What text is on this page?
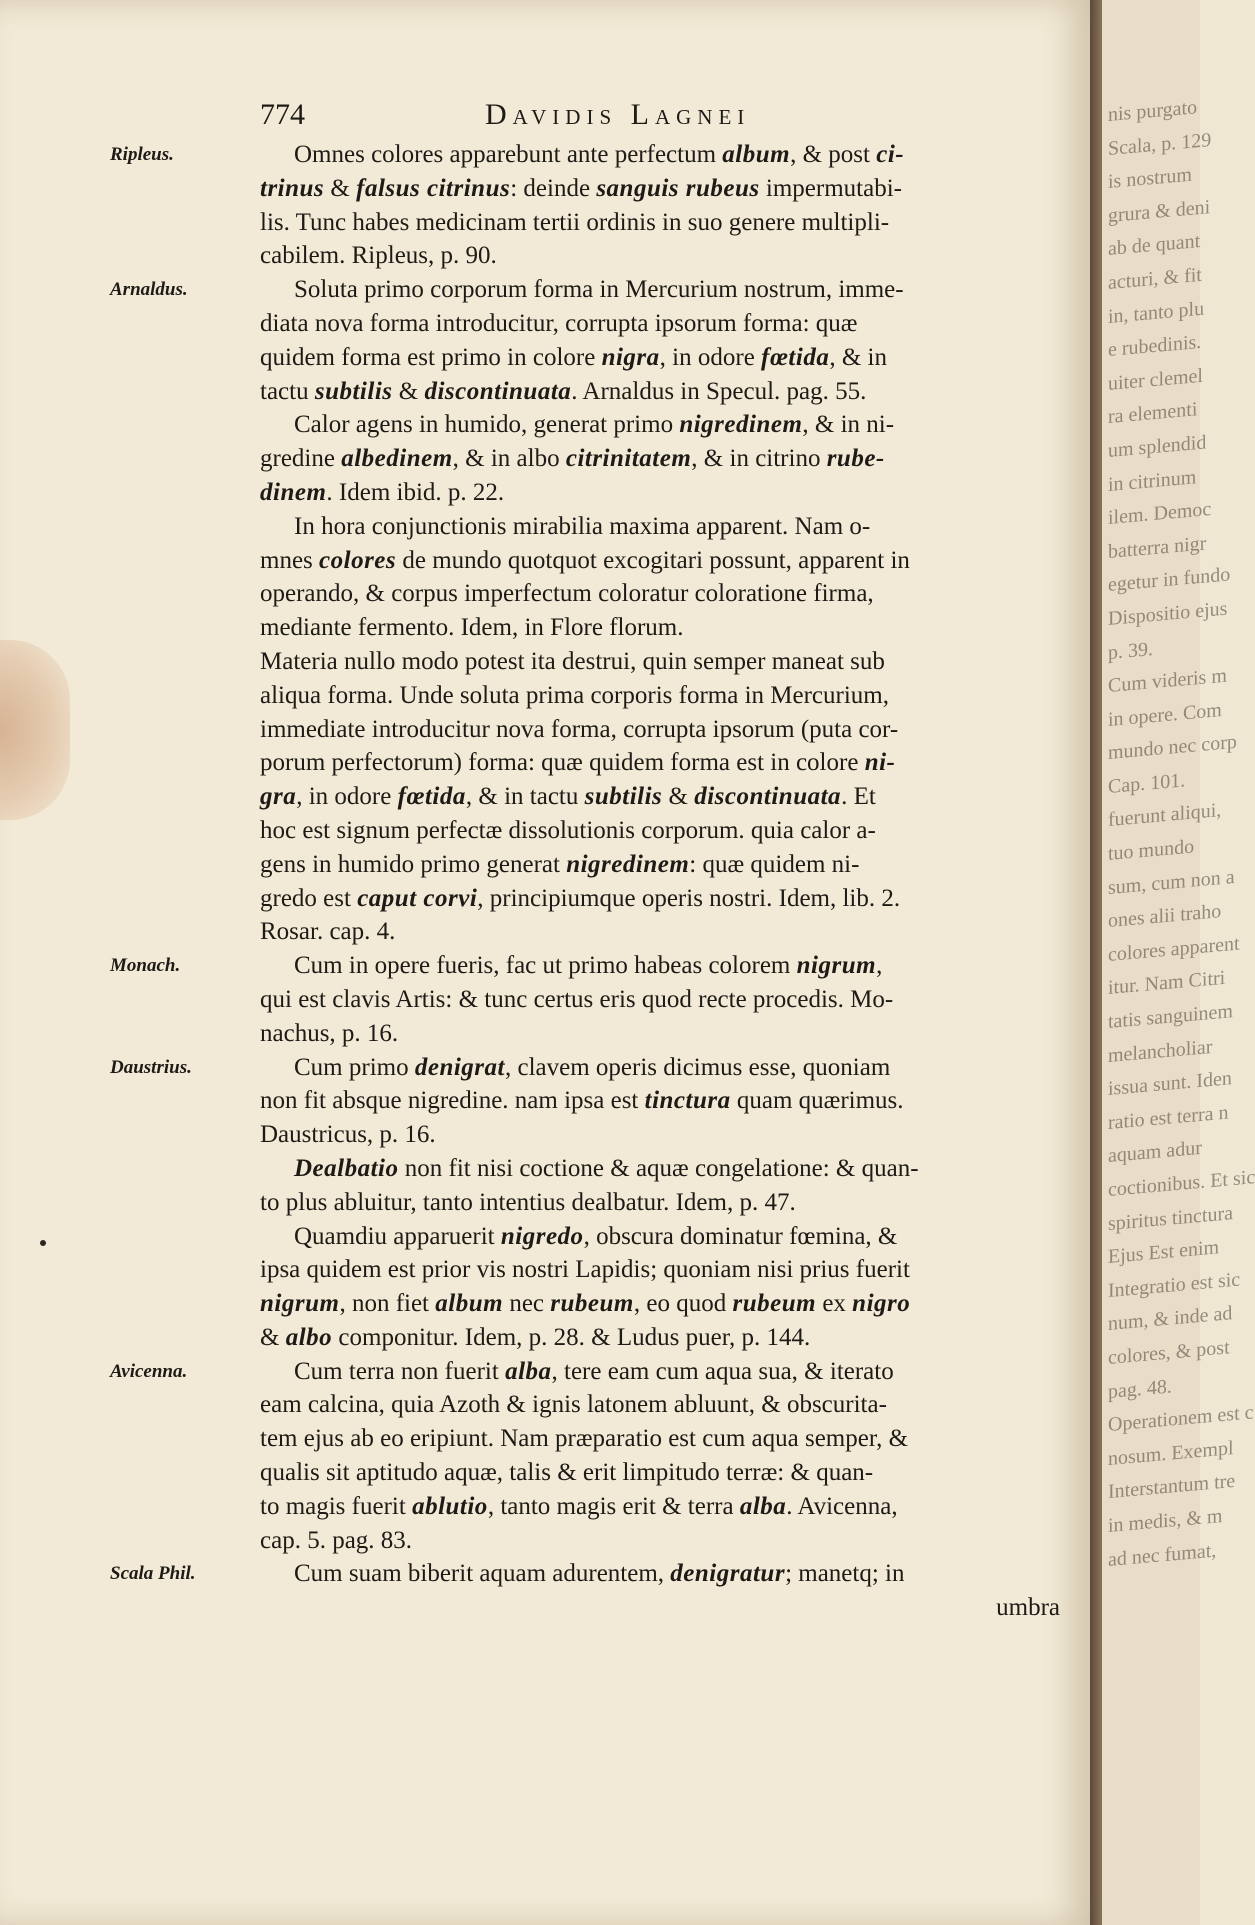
774	Davidis Lagnei
Ripleus.	Omnes colores apparebunt ante perfectum album, & post ci-
trinus & falsus citrinus: deinde sanguis rubeus impermutabi-
lis. Tunc habes medicinam tertii ordinis in suo genere multipli-
cabilem. Ripleus, p. 90.
Arnaldus.	Soluta primo corporum forma in Mercurium nostrum, imme-
diata nova forma introducitur, corrupta ipsorum forma: quæ
quidem forma est primo in colore nigra, in odore fœtida, & in
tactu subtilis & discontinuata. Arnaldus in Specul. pag. 55.
Calor agens in humido, generat primo nigredinem, & in ni-
gredine albedinem, & in albo citrinitatem, & in citrino rube-
dinem. Idem ibid. p. 22.
In hora conjunctionis mirabilia maxima apparent. Nam o-
mnes colores de mundo quotquot excogitari possunt, apparent in
operando, & corpus imperfectum coloratur coloratione firma,
mediante fermento. Idem, in Flore florum.
Materia nullo modo potest ita destrui, quin semper maneat sub
aliqua forma. Unde soluta prima corporis forma in Mercurium,
immediate introducitur nova forma, corrupta ipsorum (puta cor-
porum perfectorum) forma: quæ quidem forma est in colore ni-
gra, in odore fœtida, & in tactu subtilis & discontinuata. Et
hoc est signum perfectæ dissolutionis corporum. quia calor a-
gens in humido primo generat nigredinem: quæ quidem ni-
gredo est caput corvi, principiumque operis nostri. Idem, lib. 2.
Rosar. cap. 4.
Monach.	Cum in opere fueris, fac ut primo habeas colorem nigrum,
qui est clavis Artis: & tunc certus eris quod recte procedis. Mo-
nachus, p. 16.
Daustrius.	Cum primo denigrat, clavem operis dicimus esse, quoniam
non fit absque nigredine. nam ipsa est tinctura quam quærimus.
Daustricus, p. 16.
Dealbatio non fit nisi coctione & aquæ congelatione: & quan-
to plus abluitur, tanto intentius dealbatur. Idem, p. 47.
Quamdiu apparuerit nigredo, obscura dominatur fœmina, &
ipsa quidem est prior vis nostri Lapidis; quoniam nisi prius fuerit
nigrum, non fiet album nec rubeum, eo quod rubeum ex nigro
& albo componitur. Idem, p. 28. & Ludus puer, p. 144.
Avicenna.	Cum terra non fuerit alba, tere eam cum aqua sua, & iterato
eam calcina, quia Azoth & ignis latonem abluunt, & obscurita-
tem ejus ab eo eripiunt. Nam præparatio est cum aqua semper, &
qualis sit aptitudo aquæ, talis & erit limpitudo terræ: & quan-
to magis fuerit ablutio, tanto magis erit & terra alba. Avicenna,
cap. 5. pag. 83.
Scala Phil.	Cum suam biberit aquam adurentem, denigratur; manetq; in
umbra
nis purgato
Scala, p. 129
is nostrum
grura & deni
ab de quant
acturi, & fit
in, tanto plu
e rubedinis.
uiter clemel
ra elementi
um splendid
in citrinum
ilem. Democ
batterra nigr
egetur in fundo
Dispositio ejus
p. 39.
Cum videris m
in opere. Com
mundo nec corp
Cap. 101.
fuerunt aliqui,
tuo mundo
sum, cum non a
ones alii traho
colores apparent
itur. Nam Citri
tatis sanguinem
melancholiar
issua sunt. Iden
ratio est terra n
aquam adur
coctionibus. Et sic
spiritus tinctura
Ejus Est enim
Integratio est sic
num, & inde ad
colores, & post
pag. 48.
Operationem est c
nosum. Exempl
Interstantum tre
in medis, & m
ad nec fumat,
